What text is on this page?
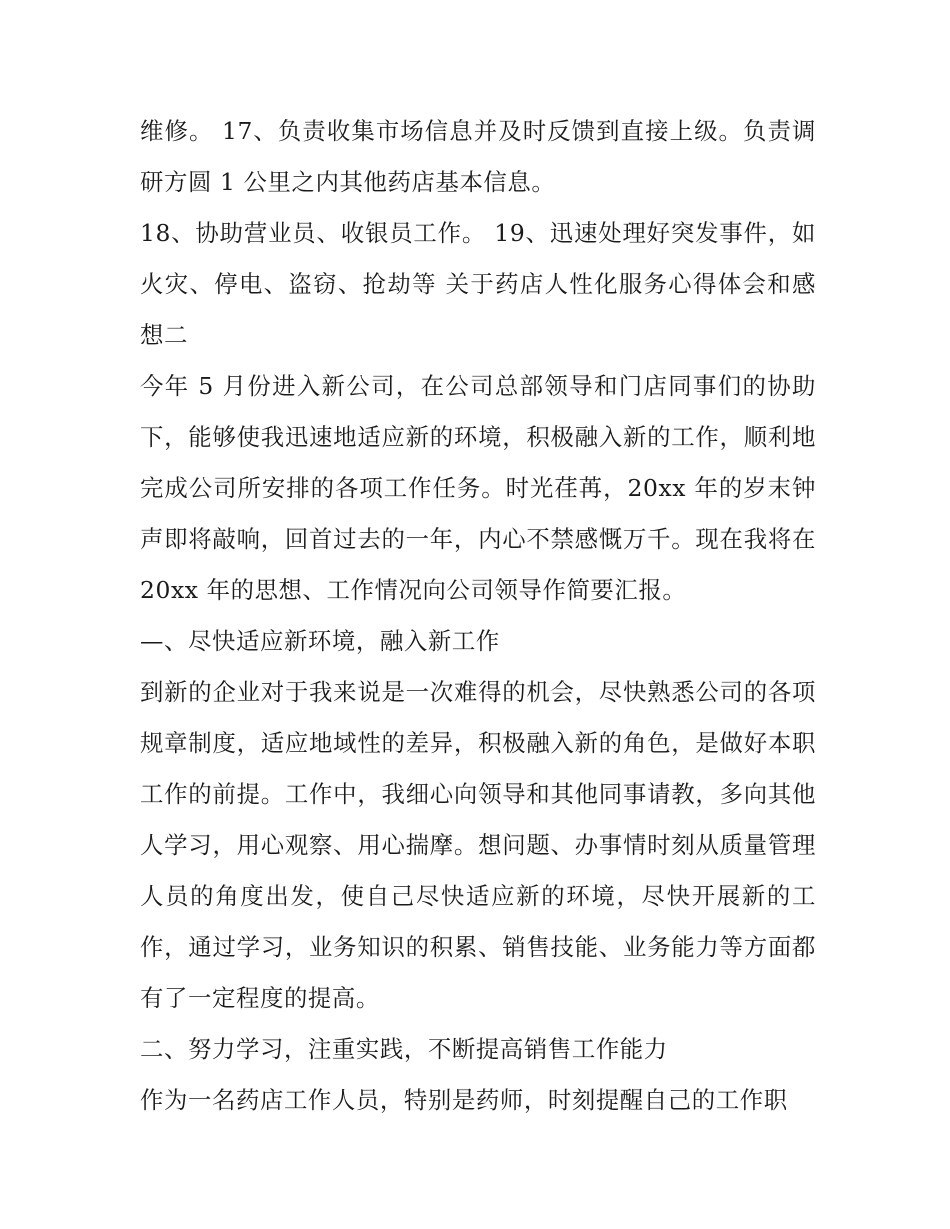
维修。 17、负责收集市场信息并及时反馈到直接上级。负责调研方圆 1 公里之内其他药店基本信息。

18、协助营业员、收银员工作。 19、迅速处理好突发事件，如火灾、停电、盗窃、抢劫等 关于药店人性化服务心得体会和感想二

今年 5 月份进入新公司，在公司总部领导和门店同事们的协助下，能够使我迅速地适应新的环境，积极融入新的工作，顺利地完成公司所安排的各项工作任务。时光荏苒，20xx 年的岁末钟声即将敲响，回首过去的一年，内心不禁感慨万千。现在我将在 20xx 年的思想、工作情况向公司领导作简要汇报。

—、尽快适应新环境，融入新工作

到新的企业对于我来说是一次难得的机会，尽快熟悉公司的各项规章制度，适应地域性的差异，积极融入新的角色，是做好本职工作的前提。工作中，我细心向领导和其他同事请教，多向其他人学习，用心观察、用心揣摩。想问题、办事情时刻从质量管理人员的角度出发，使自己尽快适应新的环境，尽快开展新的工作，通过学习，业务知识的积累、销售技能、业务能力等方面都有了一定程度的提高。

二、努力学习，注重实践，不断提高销售工作能力

作为一名药店工作人员，特别是药师，时刻提醒自己的工作职
